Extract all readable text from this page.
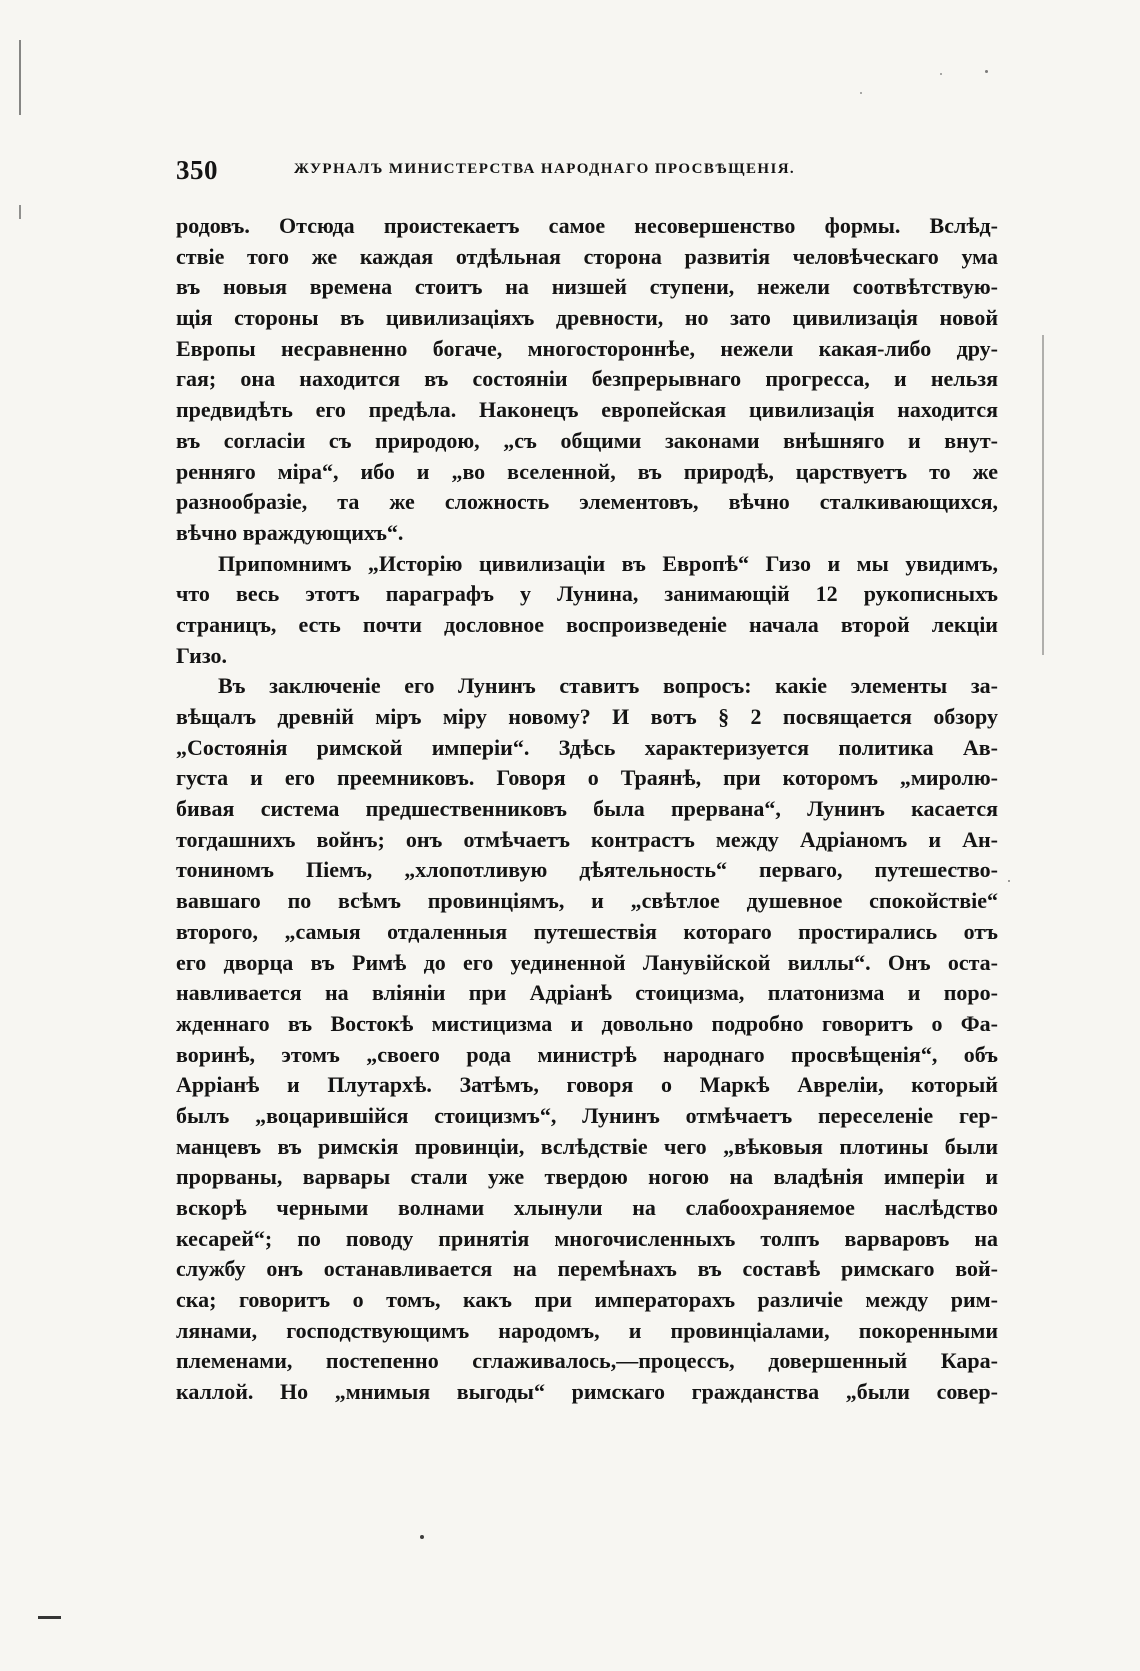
350	ЖУРНАЛЪ МИНИСТЕРСТВА НАРОДНАГО ПРОСВѢЩЕНІЯ.
родовъ. Отсюда проистекаетъ самое несовершенство формы. Вслѣд-
ствіе того же каждая отдѣльная сторона развитія человѣческаго ума
въ новыя времена стоитъ на низшей ступени, нежели соотвѣтствую-
щія стороны въ цивилизаціяхъ древности, но зато цивилизація новой
Европы несравненно богаче, многостороннѣе, нежели какая-либо дру-
гая; она находится въ состояніи безпрерывнаго прогресса, и нельзя
предвидѣть его предѣла. Наконецъ европейская цивилизація находится
въ согласіи съ природою, „съ общими законами внѣшняго и внут-
ренняго міра“, ибо и „во вселенной, въ природѣ, царствуетъ то же
разнообразіе, та же сложность элементовъ, вѣчно сталкивающихся,
вѣчно враждующихъ“.
Припомнимъ „Исторію цивилизаціи въ Европѣ“ Гизо и мы увидимъ,
что весь этотъ параграфъ у Лунина, занимающій 12 рукописныхъ
страницъ, есть почти дословное воспроизведеніе начала второй лекціи
Гизо.
Въ заключеніе его Лунинъ ставитъ вопросъ: какіе элементы за-
вѣщалъ древній міръ міру новому? И вотъ § 2 посвящается обзору
„Состоянія римской имперіи“. Здѣсь характеризуется политика Ав-
густа и его преемниковъ. Говоря о Траянѣ, при которомъ „миролю-
бивая система предшественниковъ была прервана“, Лунинъ касается
тогдашнихъ войнъ; онъ отмѣчаетъ контрастъ между Адріаномъ и Ан-
тониномъ Піемъ, „хлопотливую дѣятельность“ перваго, путешество-
вавшаго по всѣмъ провинціямъ, и „свѣтлое душевное спокойствіе“
второго, „самыя отдаленныя путешествія котораго простирались отъ
его дворца въ Римѣ до его уединенной Ланувійской виллы“. Онъ оста-
навливается на вліяніи при Адріанѣ стоицизма, платонизма и поро-
жденнаго въ Востокѣ мистицизма и довольно подробно говоритъ о Фа-
воринѣ, этомъ „своего рода министрѣ народнаго просвѣщенія“, объ
Арріанѣ и Плутархѣ. Затѣмъ, говоря о Маркѣ Авреліи, который
былъ „воцарившійся стоицизмъ“, Лунинъ отмѣчаетъ переселеніе гер-
манцевъ въ римскія провинціи, вслѣдствіе чего „вѣковыя плотины были
прорваны, варвары стали уже твердою ногою на владѣнія имперіи и
вскорѣ черными волнами хлынули на слабоохраняемое наслѣдство
кесарей“; по поводу принятія многочисленныхъ толпъ варваровъ на
службу онъ останавливается на перемѣнахъ въ составѣ римскаго вой-
ска; говоритъ о томъ, какъ при императорахъ различіе между рим-
лянами, господствующимъ народомъ, и провинціалами, покоренными
племенами, постепенно сглаживалось,—процессъ, довершенный Кара-
каллой. Но „мнимыя выгоды“ римскаго гражданства „были совер-
